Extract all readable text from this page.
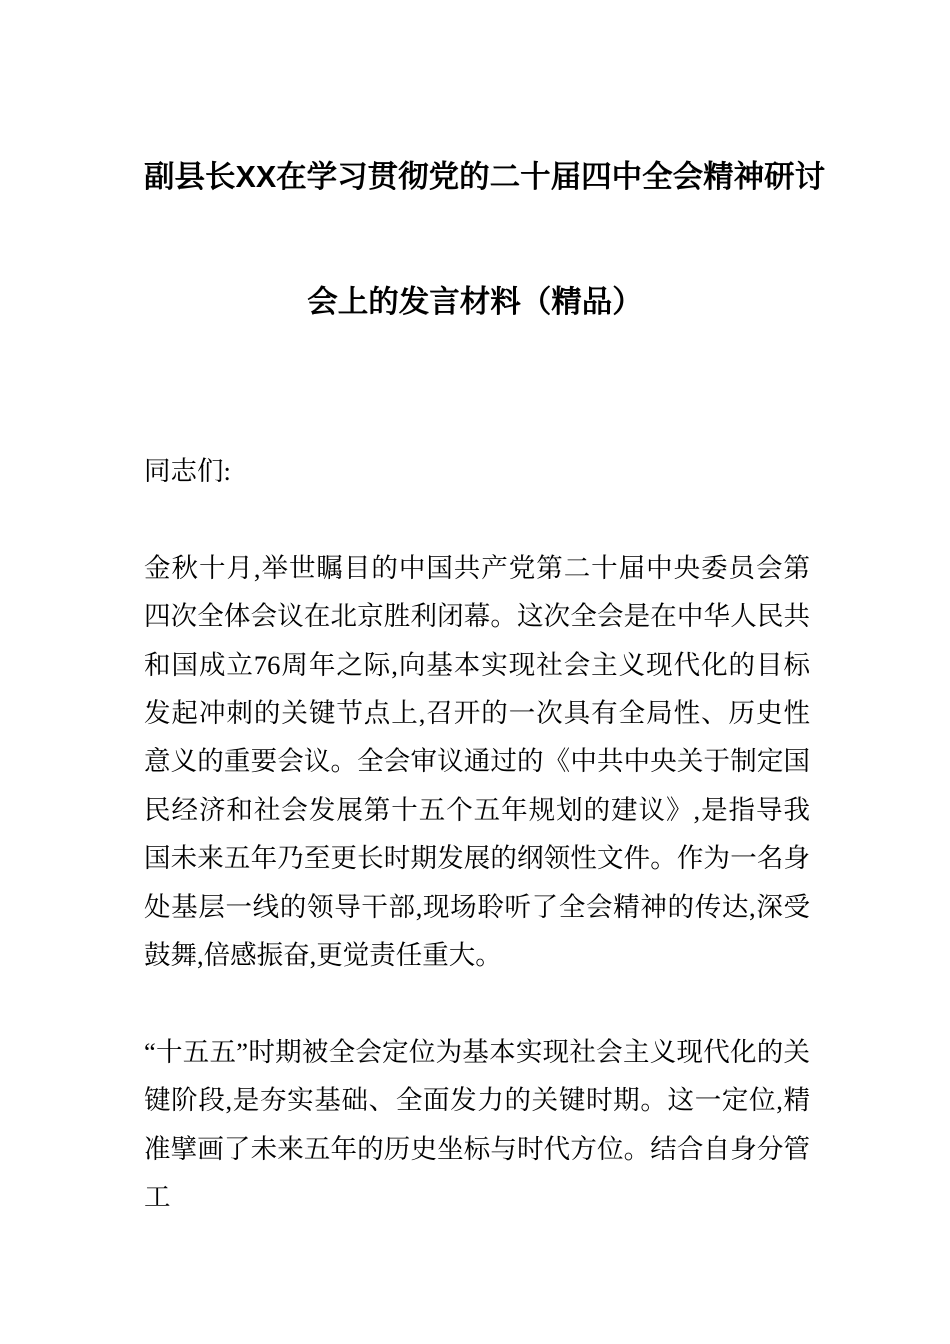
副县长XX在学习贯彻党的二十届四中全会精神研讨
会上的发言材料（精品）

同志们:

金秋十月,举世瞩目的中国共产党第二十届中央委员会第四次全体会议在北京胜利闭幕。这次全会是在中华人民共和国成立76周年之际,向基本实现社会主义现代化的目标发起冲刺的关键节点上,召开的一次具有全局性、历史性意义的重要会议。全会审议通过的《中共中央关于制定国民经济和社会发展第十五个五年规划的建议》,是指导我国未来五年乃至更长时期发展的纲领性文件。作为一名身处基层一线的领导干部,现场聆听了全会精神的传达,深受鼓舞,倍感振奋,更觉责任重大。

“十五五”时期被全会定位为基本实现社会主义现代化的关键阶段,是夯实基础、全面发力的关键时期。这一定位,精准擘画了未来五年的历史坐标与时代方位。结合自身分管工
